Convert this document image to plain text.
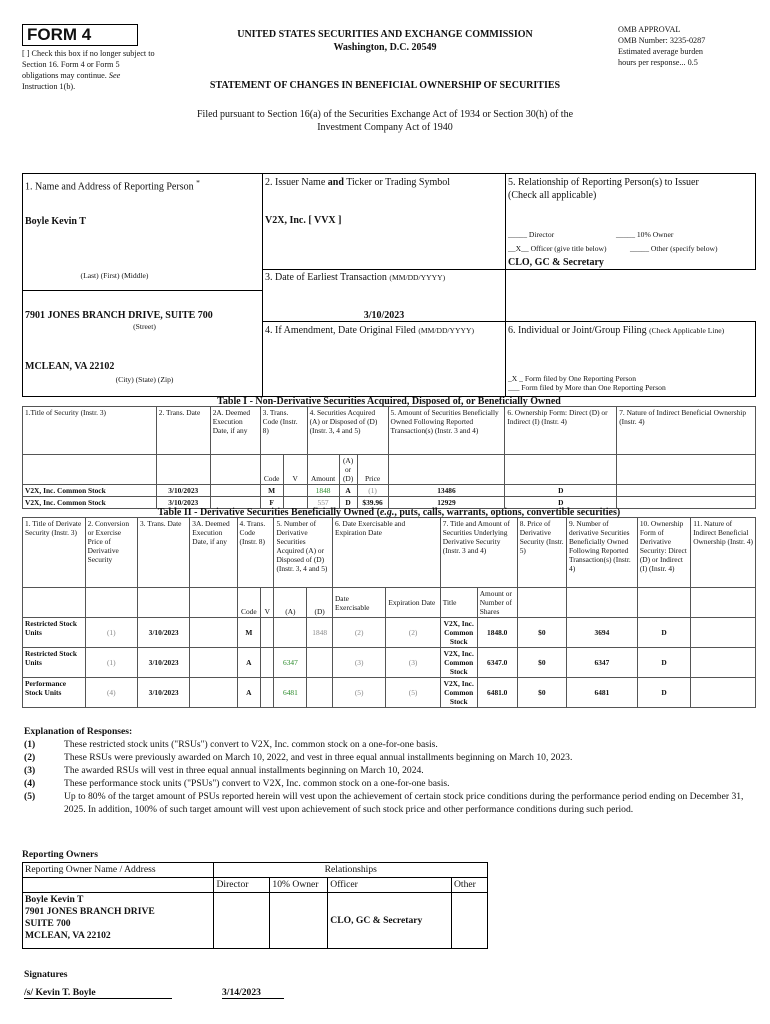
FORM 4
[ ] Check this box if no longer subject to Section 16. Form 4 or Form 5 obligations may continue. See Instruction 1(b).
UNITED STATES SECURITIES AND EXCHANGE COMMISSION
Washington, D.C. 20549
OMB APPROVAL
OMB Number: 3235-0287
Estimated average burden
hours per response... 0.5
STATEMENT OF CHANGES IN BENEFICIAL OWNERSHIP OF SECURITIES
Filed pursuant to Section 16(a) of the Securities Exchange Act of 1934 or Section 30(h) of the
Investment Company Act of 1940
1. Name and Address of Reporting Person *
Boyle Kevin T
(Last) (First) (Middle)
7901 JONES BRANCH DRIVE, SUITE 700
(Street)
MCLEAN, VA 22102
(City) (State) (Zip)
2. Issuer Name and Ticker or Trading Symbol
V2X, Inc. [ VVX ]
3. Date of Earliest Transaction (MM/DD/YYYY)
3/10/2023
4. If Amendment, Date Original Filed (MM/DD/YYYY)
5. Relationship of Reporting Person(s) to Issuer
(Check all applicable)
_____ Director	_____ 10% Owner
__X__ Officer (give title below)	_____ Other (specify below)
CLO, GC & Secretary
6. Individual or Joint/Group Filing (Check Applicable Line)
_X _ Form filed by One Reporting Person
___ Form filed by More than One Reporting Person
Table I - Non-Derivative Securities Acquired, Disposed of, or Beneficially Owned
1.Title of Security (Instr. 3)	2. Trans. Date	2A. Deemed Execution Date, if any	3. Trans. Code (Instr. 8)		4. Securities Acquired (A) or Disposed of (D) (Instr. 3, 4 and 5)			5. Amount of Securities Beneficially Owned Following Reported Transaction(s) (Instr. 3 and 4)	6. Ownership Form: Direct (D) or Indirect (I) (Instr. 4)	7. Nature of Indirect Beneficial Ownership (Instr. 4)
			Code	V	Amount	(A) or (D)	Price			
V2X, Inc. Common Stock	3/10/2023		M		1848	A	(1)	13486	D	
V2X, Inc. Common Stock	3/10/2023		F		557	D	$39.96	12929	D	
Table II - Derivative Securities Beneficially Owned (e.g., puts, calls, warrants, options, convertible securities)
1. Title of Derivate Security (Instr. 3)	2. Conversion or Exercise Price of Derivative Security	3. Trans. Date	3A. Deemed Execution Date, if any	4. Trans. Code (Instr. 8)		5. Number of Derivative Securities Acquired (A) or Disposed of (D) (Instr. 3, 4 and 5)		6. Date Exercisable and Expiration Date		7. Title and Amount of Securities Underlying Derivative Security (Instr. 3 and 4)		8. Price of Derivative Security (Instr. 5)	9. Number of derivative Securities Beneficially Owned Following Reported Transaction(s) (Instr. 4)	10. Ownership Form of Derivative Security: Direct (D) or Indirect (I) (Instr. 4)	11. Nature of Indirect Beneficial Ownership (Instr. 4)
				Code	V	(A)	(D)	Date Exercisable	Expiration Date	Title	Amount or Number of Shares				
Restricted Stock Units	(1)	3/10/2023		M			1848	(2)	(2)	V2X, Inc. Common Stock	1848.0	$0	3694	D	
Restricted Stock Units	(1)	3/10/2023		A		6347		(3)	(3)	V2X, Inc. Common Stock	6347.0	$0	6347	D	
Performance Stock Units	(4)	3/10/2023		A		6481		(5)	(5)	V2X, Inc. Common Stock	6481.0	$0	6481	D	
Explanation of Responses:
(1)	These restricted stock units ("RSUs") convert to V2X, Inc. common stock on a one-for-one basis.
(2)	These RSUs were previously awarded on March 10, 2022, and vest in three equal annual installments beginning on March 10, 2023.
(3)	The awarded RSUs will vest in three equal annual installments beginning on March 10, 2024.
(4)	These performance stock units ("PSUs") convert to V2X, Inc. common stock on a one-for-one basis.
(5)	Up to 80% of the target amount of PSUs reported herein will vest upon the achievement of certain stock price conditions during the performance period ending on December 31, 2025. In addition, 100% of such target amount will vest upon achievement of such stock price and other performance conditions during such period.
Reporting Owners
Reporting Owner Name / Address	Relationships			
	Director	10% Owner	Officer	Other

Boyle Kevin T
7901 JONES BRANCH DRIVE
SUITE 700
MCLEAN, VA 22102			CLO, GC & Secretary	
Signatures
/s/ Kevin T. Boyle	3/14/2023
